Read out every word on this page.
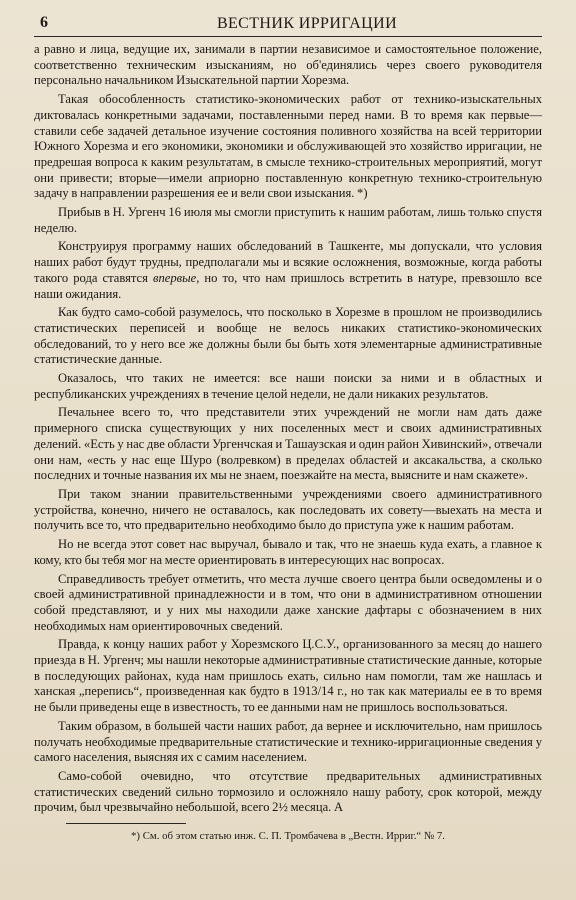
6	ВЕСТНИК ИРРИГАЦИИ

а равно и лица, ведущие их, занимали в партии независимое и самостоятельное положение, соответственно техническим изысканиям, но об'единялись через своего руководителя персонально начальником Изыскательной партии Хорезма.

Такая обособленность статистико-экономических работ от технико-изыскательных диктовалась конкретными задачами, поставленными перед нами. В то время как первые—ставили себе задачей детальное изучение состояния поливного хозяйства на всей территории Южного Хорезма и его экономики, экономики и обслуживающей это хозяйство ирригации, не предрешая вопроса к каким результатам, в смысле технико-строительных мероприятий, могут они привести; вторые—имели априорно поставленную конкретную технико-строительную задачу в направлении разрешения ее и вели свои изыскания. *)

Прибыв в Н. Ургенч 16 июля мы смогли приступить к нашим работам, лишь только спустя неделю.

Конструируя программу наших обследований в Ташкенте, мы допускали, что условия наших работ будут трудны, предполагали мы и всякие осложнения, возможные, когда работы такого рода ставятся впервые, но то, что нам пришлось встретить в натуре, превзошло все наши ожидания.

Как будто само-собой разумелось, что посколько в Хорезме в прошлом не производились статистических переписей и вообще не велось никаких статистико-экономических обследований, то у него все же должны были бы быть хотя элементарные административные статистические данные.

Оказалось, что таких не имеется: все наши поиски за ними и в областных и республиканских учреждениях в течение целой недели, не дали никаких результатов.

Печальнее всего то, что представители этих учреждений не могли нам дать даже примерного списка существующих у них поселенных мест и своих административных делений. «Есть у нас две области Ургенчская и Ташаузская и один район Хивинский», отвечали они нам, «есть у нас еще Шуро (волревком) в пределах областей и аксакальства, а сколько последних и точные названия их мы не знаем, поезжайте на места, выясните и нам скажете».

При таком знании правительственными учреждениями своего административного устройства, конечно, ничего не оставалось, как последовать их совету—выехать на места и получить все то, что предварительно необходимо было до приступа уже к нашим работам.

Но не всегда этот совет нас выручал, бывало и так, что не знаешь куда ехать, а главное к кому, кто бы тебя мог на месте ориентировать в интересующих нас вопросах.

Справедливость требует отметить, что места лучше своего центра были осведомлены и о своей административной принадлежности и в том, что они в административном отношении собой представляют, и у них мы находили даже ханские дафтары с обозначением в них необходимых нам ориентировочных сведений.

Правда, к концу наших работ у Хорезмского Ц.С.У., организованного за месяц до нашего приезда в Н. Ургенч; мы нашли некоторые административные статистические данные, которые в последующих районах, куда нам пришлось ехать, сильно нам помогли, там же нашлась и ханская „перепись“, произведенная как будто в 1913/14 г., но так как материалы ее в то время не были приведены еще в известность, то ее данными нам не пришлось воспользоваться.

Таким образом, в большей части наших работ, да вернее и исключительно, нам пришлось получать необходимые предварительные статистические и технико-ирригационные сведения у самого населения, выясняя их с самим населением.

Само-собой очевидно, что отсутствие предварительных административных статистических сведений сильно тормозило и осложняло нашу работу, срок которой, между прочим, был чрезвычайно небольшой, всего 2½ месяца. А

*) См. об этом статью инж. С. П. Тромбачева в „Вестн. Ирриг.“ № 7.
